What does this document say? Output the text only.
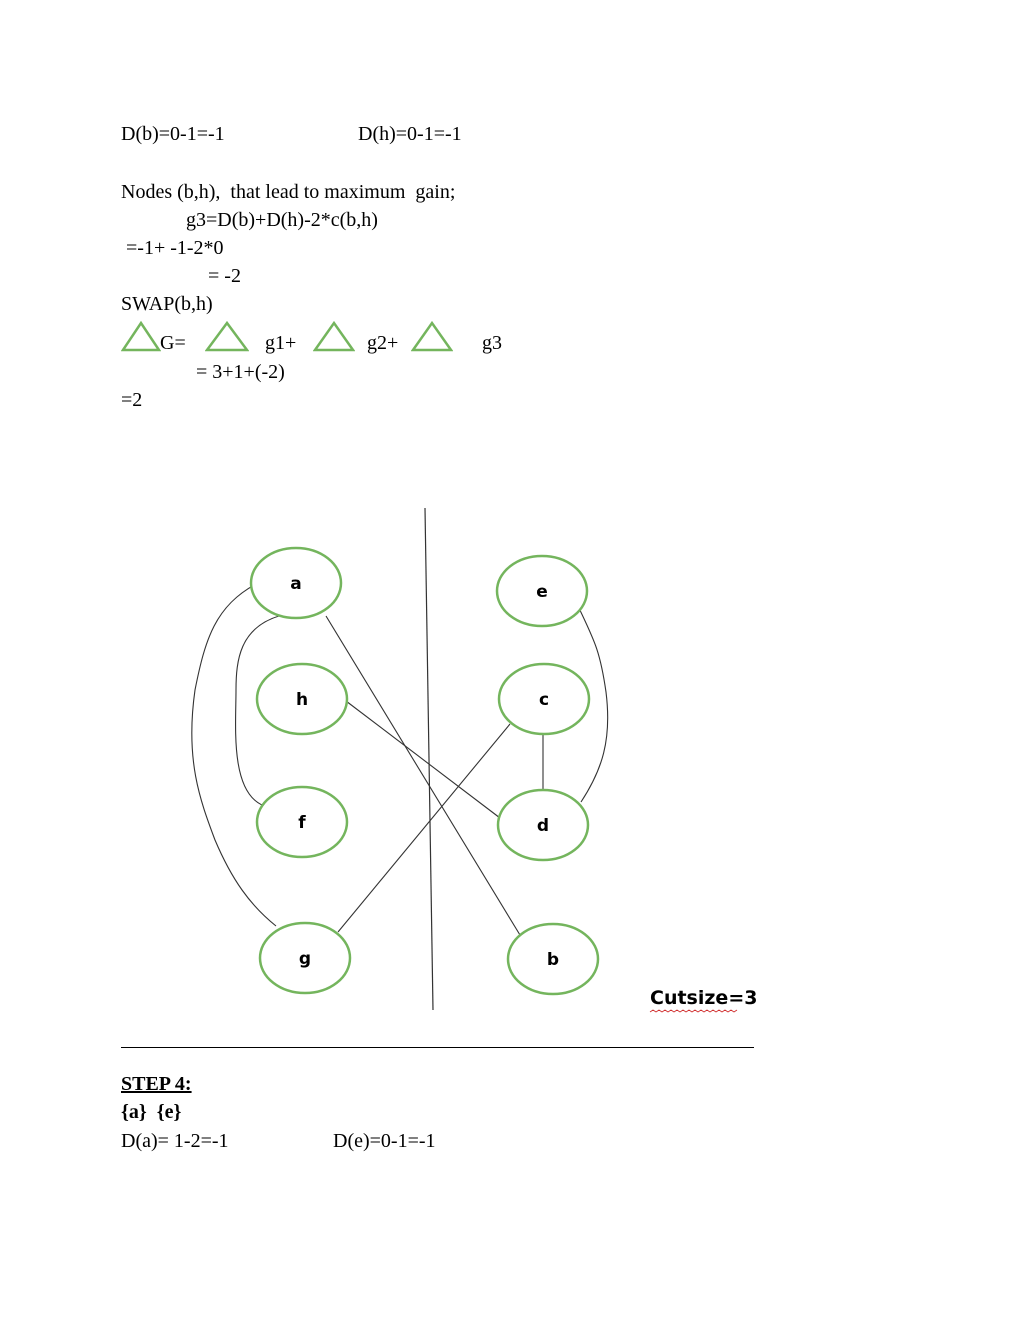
D(b)=0-1=-1	D(h)=0-1=-1
Nodes (b,h),  that lead to maximum  gain;
g3=D(b)+D(h)-2*c(b,h)
=-1+ -1-2*0
= -2
SWAP(b,h)
G=	g1+	g2+	g3
= 3+1+(-2)
=2
a
h
f
g
e
c
d
b
Cutsize=3
STEP 4:
{a}  {e}
D(a)= 1-2=-1	D(e)=0-1=-1
